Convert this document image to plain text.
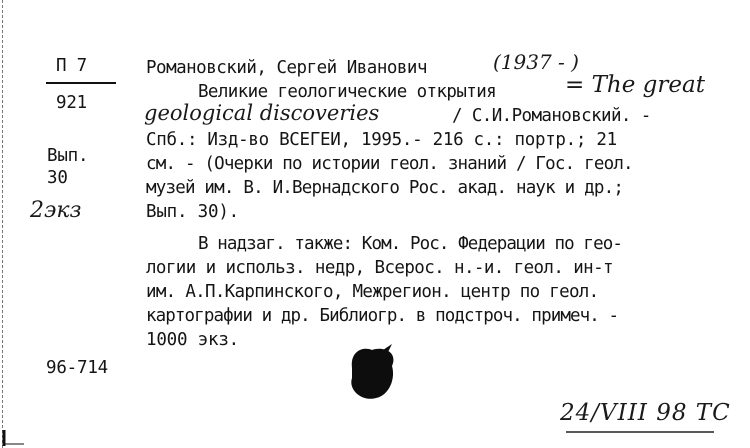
П 7
921
Вып.
30
2экз
96-714
Романовский, Сергей Иванович	(1937 - )
Великие геологические открытия	= The great
geological discoveries	/ С.И.Романовский. -
Спб.: Изд-во ВСЕГЕИ, 1995.- 216 с.: портр.; 21
см. - (Очерки по истории геол. знаний / Гос. геол.
музей им. В. И.Вернадского Рос. акад. наук и др.;
Вып. 30).
В надзаг. также: Ком. Рос. Федерации по гео-
логии и использ. недр, Всерос. н.-и. геол. ин-т
им. А.П.Карпинского, Межрегион. центр по геол.
картографии и др. Библиогр. в подстроч. примеч. -
1000 экз.
24/VIII 98 TC
